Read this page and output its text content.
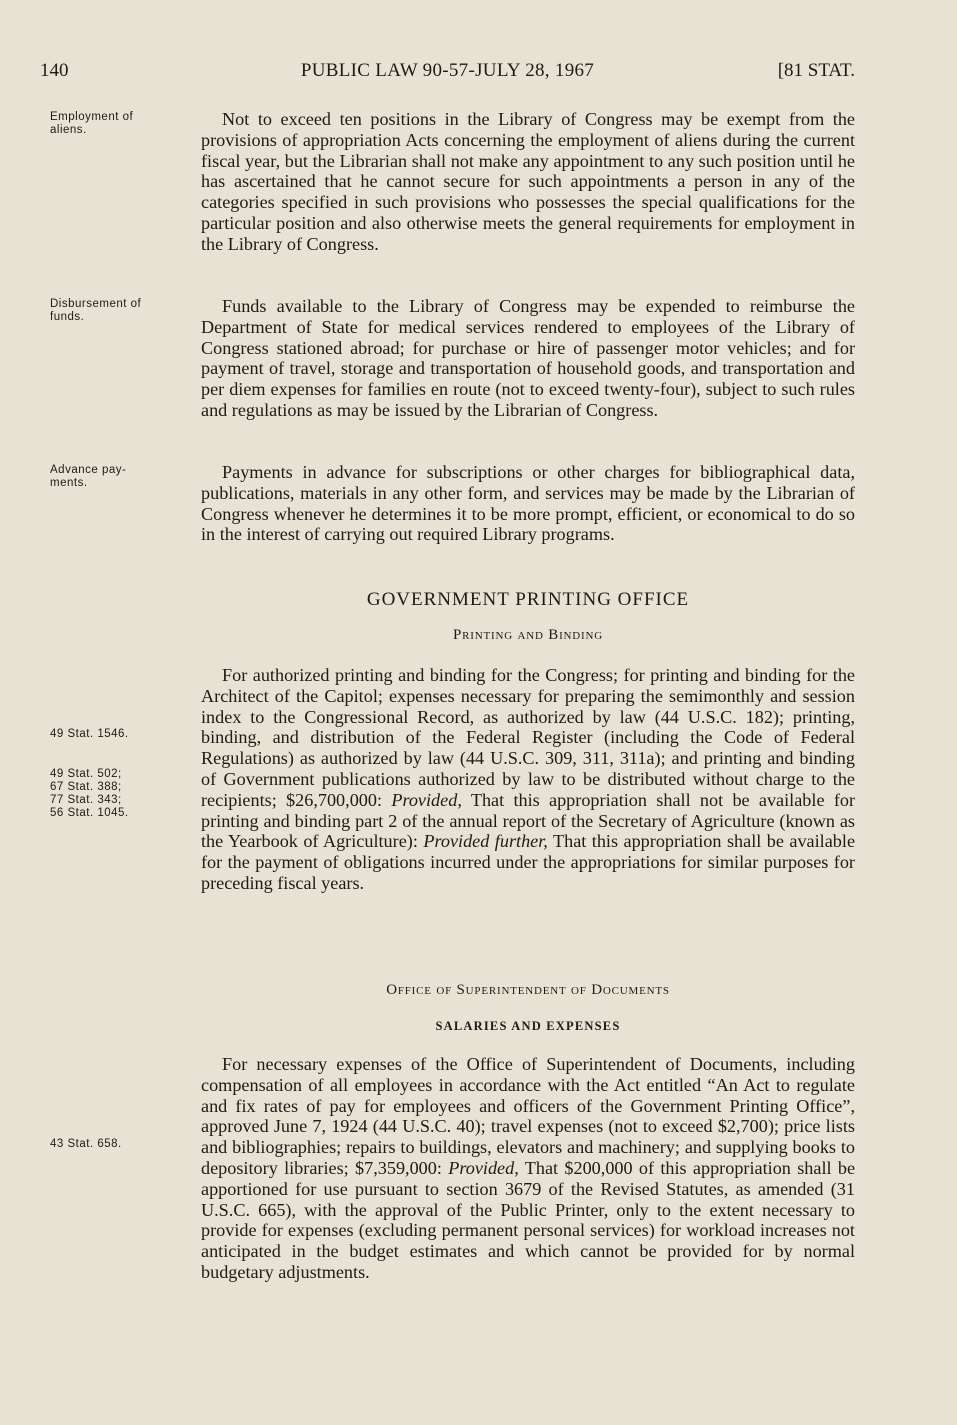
140	PUBLIC LAW 90-57-JULY 28, 1967	[81 STAT.
Employment of
aliens.
Disbursement of
funds.
Advance pay-
ments.
49 Stat. 1546.
49 Stat. 502;
67 Stat. 388;
77 Stat. 343;
56 Stat. 1045.
43 Stat. 658.

Not to exceed ten positions in the Library of Congress may be exempt from the provisions of appropriation Acts concerning the employment of aliens during the current fiscal year, but the Librarian shall not make any appointment to any such position until he has ascertained that he cannot secure for such appointments a person in any of the categories specified in such provisions who possesses the special qualifications for the particular position and also otherwise meets the general requirements for employment in the Library of Congress.

Funds available to the Library of Congress may be expended to reimburse the Department of State for medical services rendered to employees of the Library of Congress stationed abroad; for purchase or hire of passenger motor vehicles; and for payment of travel, storage and transportation of household goods, and transportation and per diem expenses for families en route (not to exceed twenty-four), subject to such rules and regulations as may be issued by the Librarian of Congress.

Payments in advance for subscriptions or other charges for bibliographical data, publications, materials in any other form, and services may be made by the Librarian of Congress whenever he determines it to be more prompt, efficient, or economical to do so in the interest of carrying out required Library programs.

GOVERNMENT PRINTING OFFICE
Printing and Binding

For authorized printing and binding for the Congress; for printing and binding for the Architect of the Capitol; expenses necessary for preparing the semimonthly and session index to the Congressional Record, as authorized by law (44 U.S.C. 182); printing, binding, and distribution of the Federal Register (including the Code of Federal Regulations) as authorized by law (44 U.S.C. 309, 311, 311a); and printing and binding of Government publications authorized by law to be distributed without charge to the recipients; $26,700,000: Provided, That this appropriation shall not be available for printing and binding part 2 of the annual report of the Secretary of Agriculture (known as the Yearbook of Agriculture): Provided further, That this appropriation shall be available for the payment of obligations incurred under the appropriations for similar purposes for preceding fiscal years.

Office of Superintendent of Documents
SALARIES AND EXPENSES

For necessary expenses of the Office of Superintendent of Documents, including compensation of all employees in accordance with the Act entitled “An Act to regulate and fix rates of pay for employees and officers of the Government Printing Office”, approved June 7, 1924 (44 U.S.C. 40); travel expenses (not to exceed $2,700); price lists and bibliographies; repairs to buildings, elevators and machinery; and supplying books to depository libraries; $7,359,000: Provided, That $200,000 of this appropriation shall be apportioned for use pursuant to section 3679 of the Revised Statutes, as amended (31 U.S.C. 665), with the approval of the Public Printer, only to the extent necessary to provide for expenses (excluding permanent personal services) for workload increases not anticipated in the budget estimates and which cannot be provided for by normal budgetary adjustments.
